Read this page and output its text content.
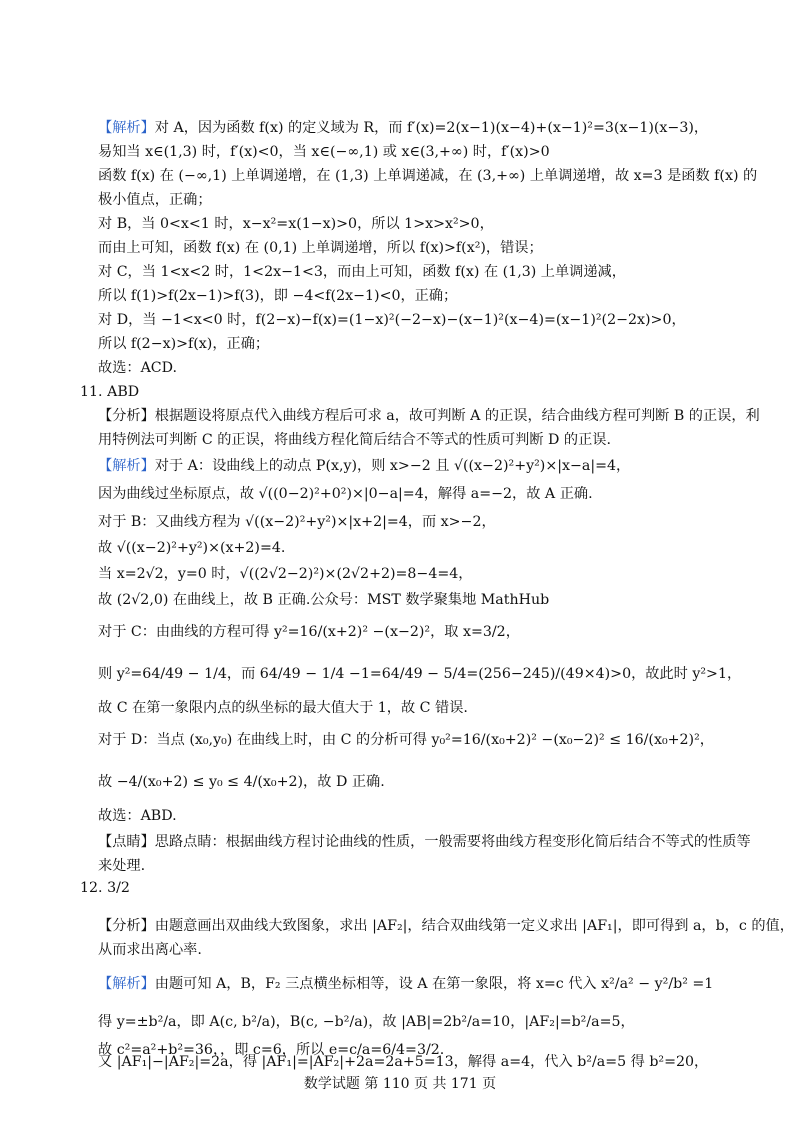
【解析】对 A，因为函数 f(x) 的定义域为 R，而 f′(x)=2(x−1)(x−4)+(x−1)²=3(x−1)(x−3)，
易知当 x∈(1,3) 时，f′(x)<0，当 x∈(−∞,1) 或 x∈(3,+∞) 时，f′(x)>0
函数 f(x) 在 (−∞,1) 上单调递增，在 (1,3) 上单调递减，在 (3,+∞) 上单调递增，故 x=3 是函数 f(x) 的
极小值点，正确；
对 B，当 0<x<1 时，x−x²=x(1−x)>0，所以 1>x>x²>0，
而由上可知，函数 f(x) 在 (0,1) 上单调递增，所以 f(x)>f(x²)，错误；
对 C，当 1<x<2 时，1<2x−1<3，而由上可知，函数 f(x) 在 (1,3) 上单调递减，
所以 f(1)>f(2x−1)>f(3)，即 −4<f(2x−1)<0，正确；
对 D，当 −1<x<0 时，f(2−x)−f(x)=(1−x)²(−2−x)−(x−1)²(x−4)=(x−1)²(2−2x)>0，
所以 f(2−x)>f(x)，正确；
故选：ACD.
【分析】根据题设将原点代入曲线方程后可求 a，故可判断 A 的正误，结合曲线方程可判断 B 的正误，利
用特例法可判断 C 的正误，将曲线方程化简后结合不等式的性质可判断 D 的正误.
【解析】对于 A：设曲线上的动点 P(x,y)，则 x>−2 且 √((x−2)²+y²)×|x−a|=4，
因为曲线过坐标原点，故 √((0−2)²+0²)×|0−a|=4，解得 a=−2，故 A 正确.
对于 B：又曲线方程为 √((x−2)²+y²)×|x+2|=4，而 x>−2，
故 √((x−2)²+y²)×(x+2)=4.
当 x=2√2，y=0 时，√((2√2−2)²)×(2√2+2)=8−4=4，
故 (2√2,0) 在曲线上，故 B 正确.公众号：MST 数学聚集地 MathHub
对于 C：由曲线的方程可得 y²=16/(x+2)² −(x−2)²，取 x=3/2，
则 y²=64/49 − 1/4，而 64/49 − 1/4 −1=64/49 − 5/4=(256−245)/(49×4)>0，故此时 y²>1，
故 C 在第一象限内点的纵坐标的最大值大于 1，故 C 错误.
对于 D：当点 (x₀,y₀) 在曲线上时，由 C 的分析可得 y₀²=16/(x₀+2)² −(x₀−2)² ≤ 16/(x₀+2)²，
故 −4/(x₀+2) ≤ y₀ ≤ 4/(x₀+2)，故 D 正确.
故选：ABD.
【点睛】思路点睛：根据曲线方程讨论曲线的性质，一般需要将曲线方程变形化简后结合不等式的性质等
来处理.
【分析】由题意画出双曲线大致图象，求出 |AF₂|，结合双曲线第一定义求出 |AF₁|，即可得到 a，b，c 的值，
从而求出离心率.
【解析】由题可知 A，B，F₂ 三点横坐标相等，设 A 在第一象限，将 x=c 代入 x²/a² − y²/b² =1
得 y=±b²/a，即 A(c, b²/a)，B(c, −b²/a)，故 |AB|=2b²/a=10，|AF₂|=b²/a=5，
又 |AF₁|−|AF₂|=2a，得 |AF₁|=|AF₂|+2a=2a+5=13，解得 a=4，代入 b²/a=5 得 b²=20，
11. ABD
12. 3/2
故 c²=a²+b²=36，，即 c=6，所以 e=c/a=6/4=3/2.
数学试题 第 110 页 共 171 页
